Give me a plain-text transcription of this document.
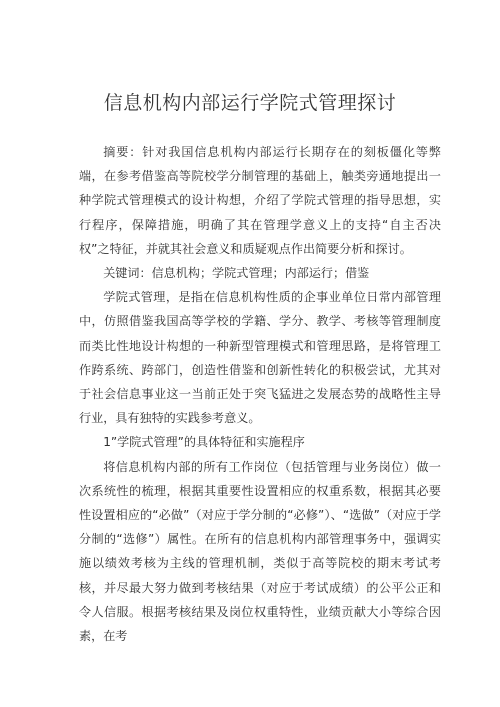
信息机构内部运行学院式管理探讨

摘要：针对我国信息机构内部运行长期存在的刻板僵化等弊端，在参考借鉴高等院校学分制管理的基础上，触类旁通地提出一种学院式管理模式的设计构想，介绍了学院式管理的指导思想，实行程序，保障措施，明确了其在管理学意义上的支持“自主否决权”之特征，并就其社会意义和质疑观点作出简要分析和探讨。

关键词：信息机构；学院式管理；内部运行；借鉴

学院式管理，是指在信息机构性质的企事业单位日常内部管理中，仿照借鉴我国高等学校的学籍、学分、教学、考核等管理制度而类比性地设计构想的一种新型管理模式和管理思路，是将管理工作跨系统、跨部门，创造性借鉴和创新性转化的积极尝试，尤其对于社会信息事业这一当前正处于突飞猛进之发展态势的战略性主导行业，具有独特的实践参考意义。

1”学院式管理”的具体特征和实施程序

将信息机构内部的所有工作岗位（包括管理与业务岗位）做一次系统性的梳理，根据其重要性设置相应的权重系数，根据其必要性设置相应的“必做”（对应于学分制的“必修”）、“选做”（对应于学分制的“选修”）属性。在所有的信息机构内部管理事务中，强调实施以绩效考核为主线的管理机制，类似于高等院校的期末考试考核，并尽最大努力做到考核结果（对应于考试成绩）的公平公正和令人信服。根据考核结果及岗位权重特性，业绩贡献大小等综合因素，在考
